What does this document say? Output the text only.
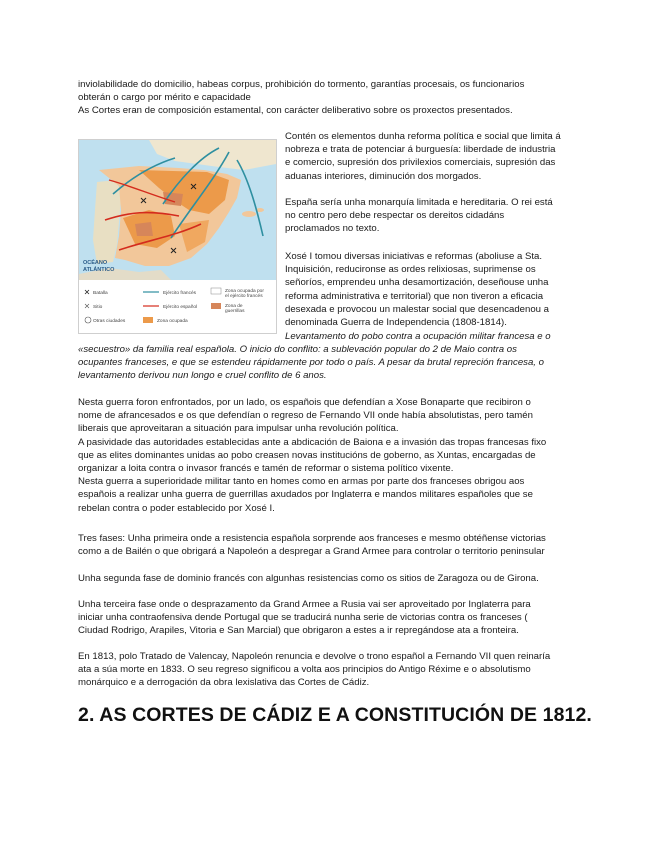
inviolabilidade do domicilio, habeas corpus, prohibición do tormento, garantías procesais, os funcionarios
obterán o cargo por mérito e capacidade

As Cortes eran de composición estamental, con carácter deliberativo sobre os proxectos presentados.

OCÉANO
ATLÁNTICO
Batalla	Ejército francés	Zona ocupada por
el ejército francés
Sitio	Ejército español	Zona de
guerrillas
Otras ciudades	Zona ocupada

Contén os elementos dunha reforma política e social que limita á
nobreza e trata de potenciar á burguesía: liberdade de industria
e comercio, supresión dos privilexios comerciais, supresión das
aduanas interiores, diminución dos morgados.

España sería unha monarquía limitada e hereditaria. O rei está
no centro pero debe respectar os dereitos cidadáns
proclamados no texto.

Xosé I tomou diversas iniciativas e reformas (aboliuse a Sta.
Inquisición, reducironse as ordes relixiosas, suprimense os
señoríos, emprendeu unha desamortización, deseñouse unha
reforma administrativa e territorial) que non tiveron a eficacia
desexada e provocou un malestar social que desencadenou a
denominada Guerra de Independencia (1808-1814).

Levantamento do pobo contra a ocupación militar francesa e o

«secuestro» da familia real española. O inicio do conflito: a sublevación popular do 2 de Maio contra os
ocupantes franceses, e que se estendeu rápidamente por todo o país. A pesar da brutal repreción francesa, o
levantamento derivou nun longo e cruel conflito de 6 anos.

Nesta guerra foron enfrontados, por un lado, os españois que defendían a Xose Bonaparte que recibiron o
nome de afrancesados e os que defendían o regreso de Fernando VII onde había absolutistas, pero tamén
liberais que aproveitaran a situación para impulsar unha revolución política.
A pasividade das autoridades establecidas ante a abdicación de Baiona e a invasión das tropas francesas fixo
que as elites dominantes unidas ao pobo creasen novas institucións de goberno, as Xuntas, encargadas de
organizar a loita contra o invasor francés e tamén de reformar o sistema político vixente.
Nesta guerra a superioridade militar tanto en homes como en armas por parte dos franceses obrigou aos
españois a realizar unha guerra de guerrillas axudados por Inglaterra e mandos militares españoles que se
rebelan contra o poder establecido por Xosé I.

Tres fases: Unha primeira onde a resistencia española sorprende aos franceses e mesmo obtéñense victorias
como a de Bailén o que obrigará a Napoleón a despregar a Grand Armee para controlar o territorio peninsular

Unha segunda fase de dominio francés con algunhas resistencias como os sitios de Zaragoza ou de Girona.

Unha terceira fase onde o desprazamento da Grand Armee a Rusia vai ser aproveitado por Inglaterra para
iniciar unha contraofensiva dende Portugal que se traducirá nunha serie de victorias contra os franceses (
Ciudad Rodrigo, Arapiles, Vitoria e San Marcial) que obrigaron a estes a ir repregándose ata a fronteira.

En 1813, polo Tratado de Valencay, Napoleón renuncia e devolve o trono español a Fernando VII quen reinaría
ata a súa morte en 1833. O seu regreso significou a volta aos principios do Antigo Réxime e o absolutismo
monárquico e a derrogación da obra lexislativa das Cortes de Cádiz.

2. AS CORTES DE CÁDIZ E A CONSTITUCIÓN DE 1812.
